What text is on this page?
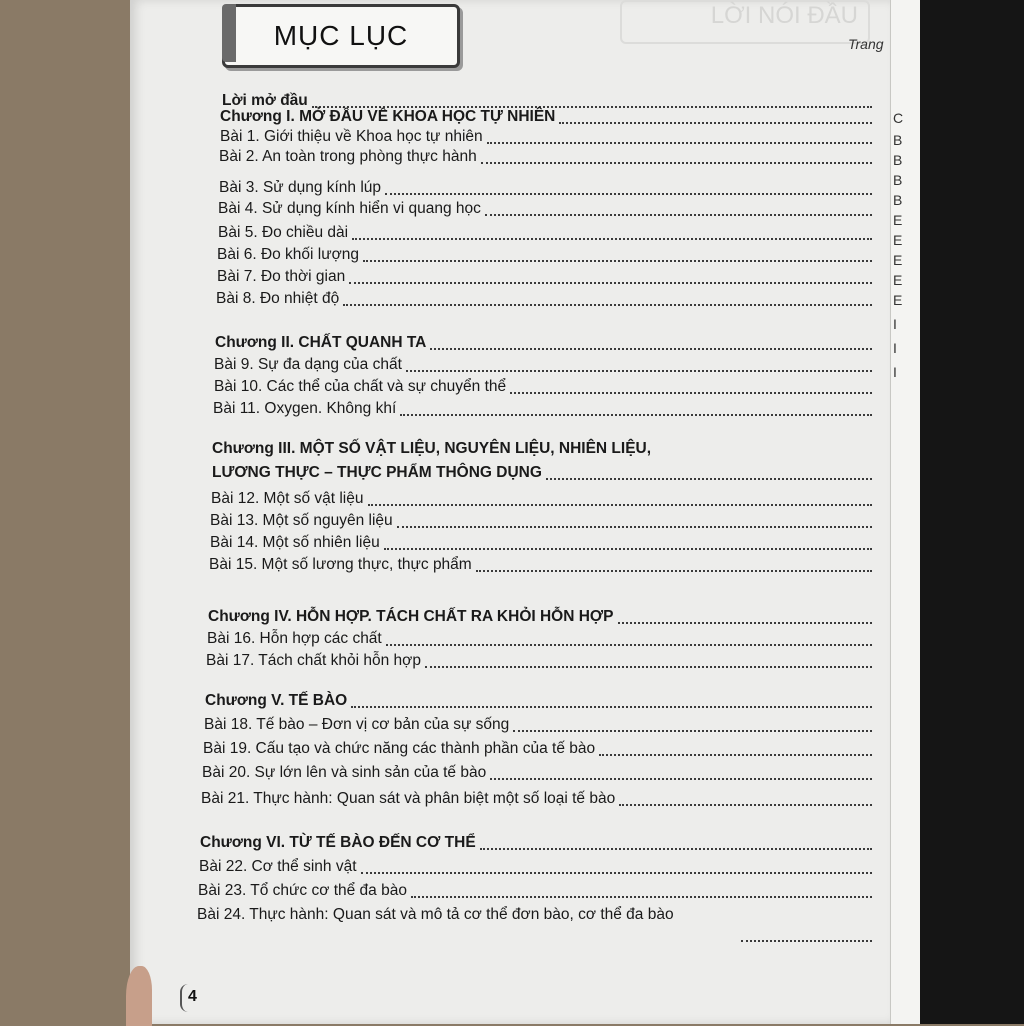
LỜI NÓI ĐẦU
MỤC LỤC	Trang
Lời mở đầu
Chương I. MỞ ĐẦU VỀ KHOA HỌC TỰ NHIÊN
Bài 1. Giới thiệu về Khoa học tự nhiên
Bài 2. An toàn trong phòng thực hành
Bài 3. Sử dụng kính lúp
Bài 4. Sử dụng kính hiển vi quang học
Bài 5. Đo chiều dài
Bài 6. Đo khối lượng
Bài 7. Đo thời gian
Bài 8. Đo nhiệt độ
Chương II. CHẤT QUANH TA
Bài 9. Sự đa dạng của chất
Bài 10. Các thể của chất và sự chuyển thể
Bài 11. Oxygen. Không khí
Chương III. MỘT SỐ VẬT LIỆU, NGUYÊN LIỆU, NHIÊN LIỆU,
LƯƠNG THỰC – THỰC PHẨM THÔNG DỤNG
Bài 12. Một số vật liệu
Bài 13. Một số nguyên liệu
Bài 14. Một số nhiên liệu
Bài 15. Một số lương thực, thực phẩm
Chương IV. HỖN HỢP. TÁCH CHẤT RA KHỎI HỖN HỢP
Bài 16. Hỗn hợp các chất
Bài 17. Tách chất khỏi hỗn hợp
Chương V. TẾ BÀO
Bài 18. Tế bào – Đơn vị cơ bản của sự sống
Bài 19. Cấu tạo và chức năng các thành phần của tế bào
Bài 20. Sự lớn lên và sinh sản của tế bào
Bài 21. Thực hành: Quan sát và phân biệt một số loại tế bào
Chương VI. TỪ TẾ BÀO ĐẾN CƠ THỂ
Bài 22. Cơ thể sinh vật
Bài 23. Tổ chức cơ thể đa bào
Bài 24. Thực hành: Quan sát và mô tả cơ thể đơn bào, cơ thể đa bào
4
C
B
B
B
B
E
E
E
E
E
I
I
I
